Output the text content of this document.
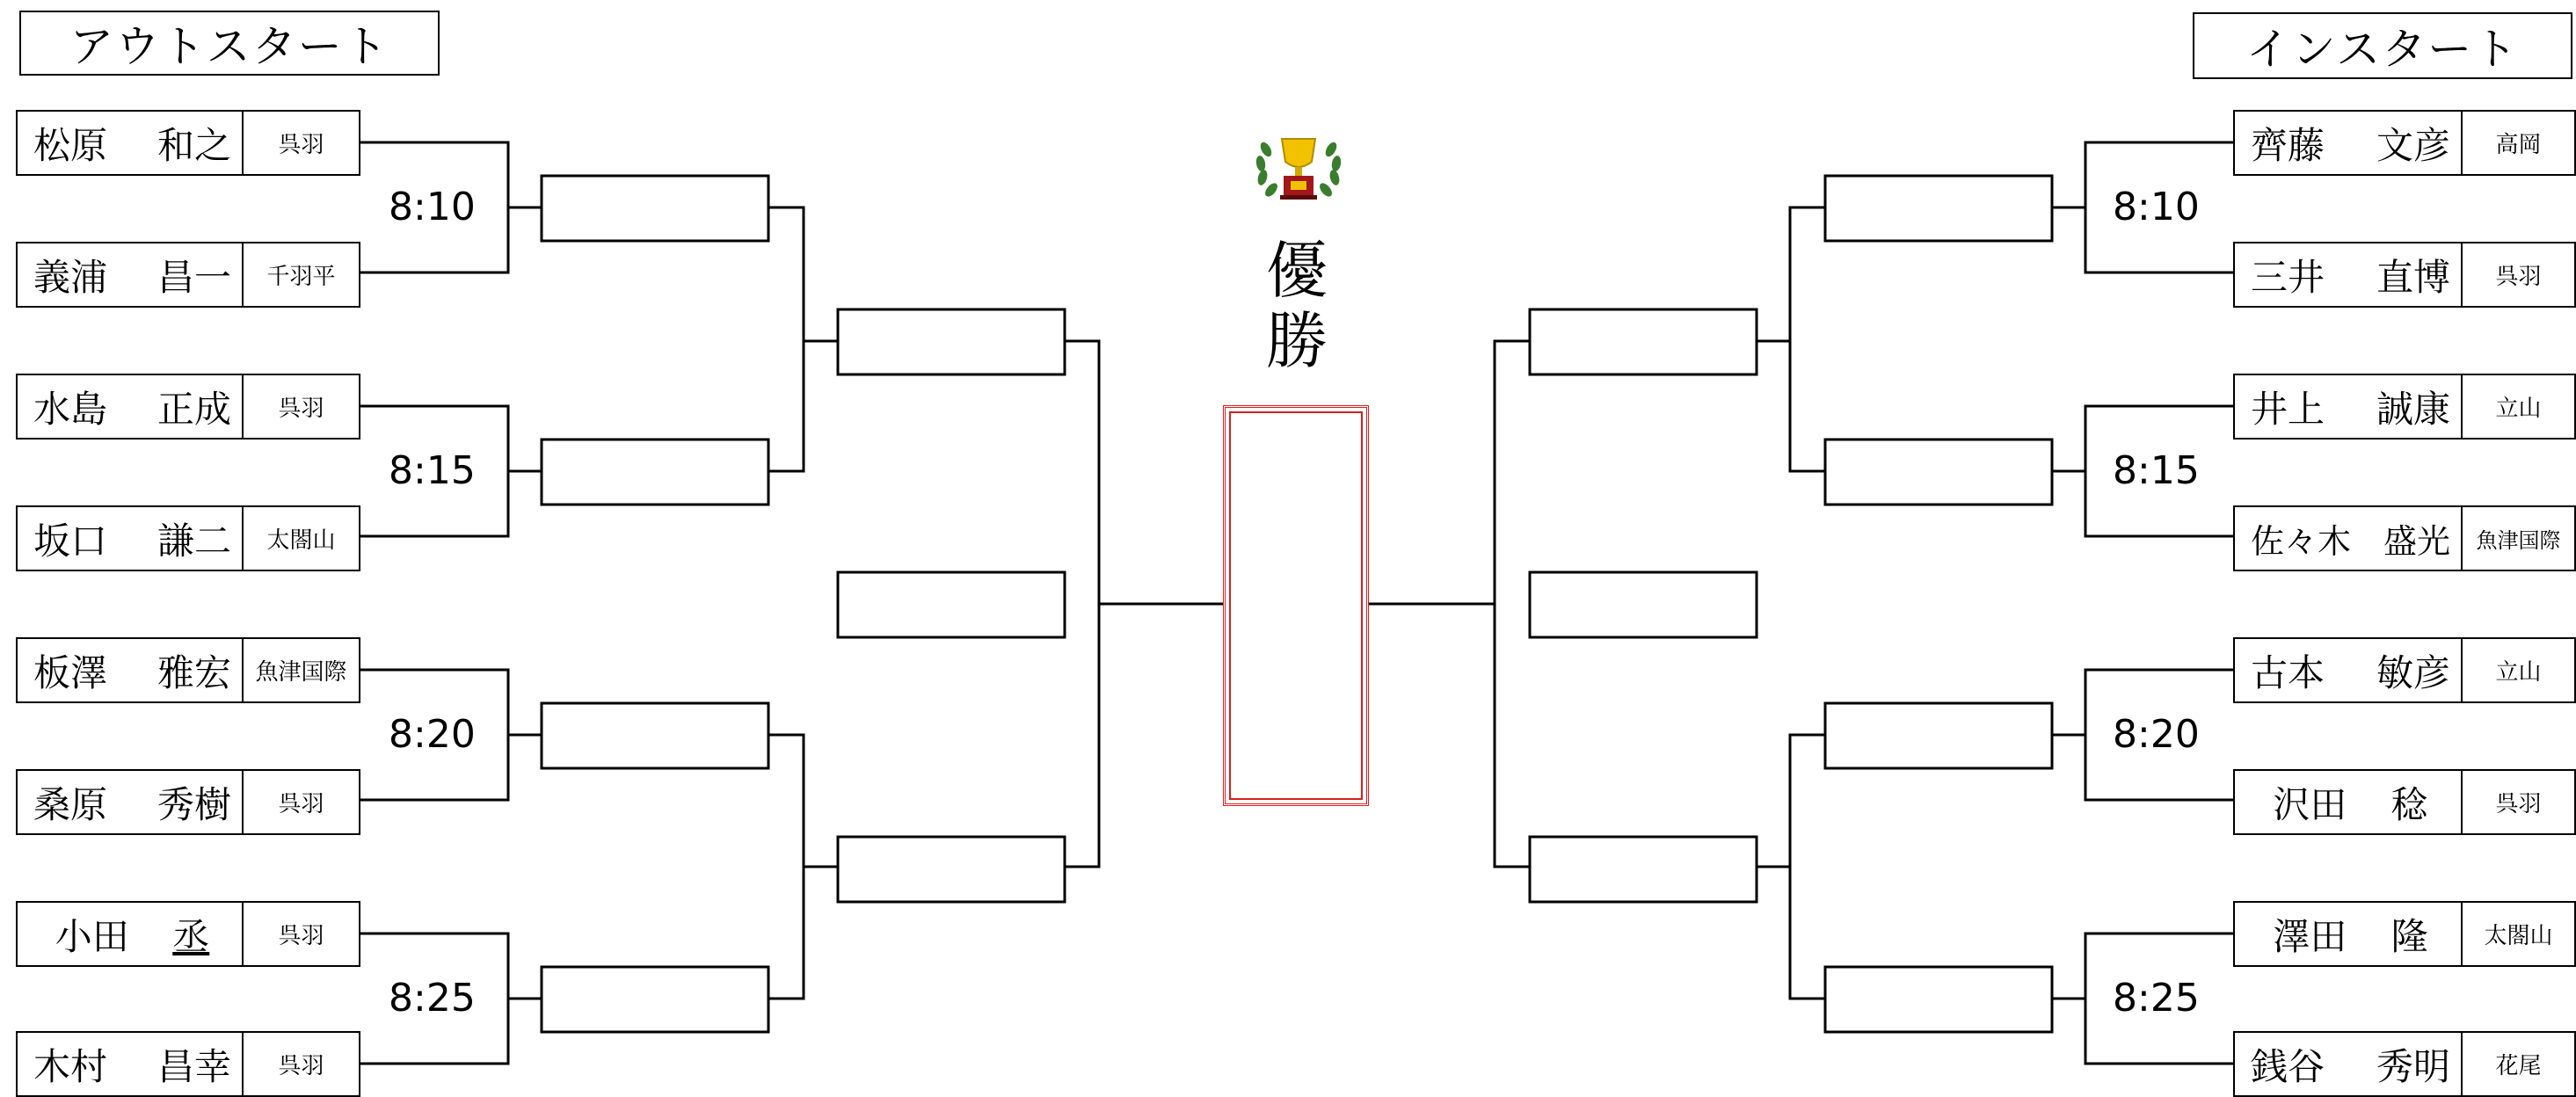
アウトスタート	インスタート
松原 和之	呉羽
義浦 昌一	千羽平
水島 正成	呉羽
坂口 謙二	太閤山
板澤 雅宏	魚津国際
桑原 秀樹	呉羽
小田 丞	呉羽
木村 昌幸	呉羽
8:10
8:15
8:20
8:25
齊藤 文彦	高岡
三井 直博	呉羽
井上 誠康	立山
佐々木 盛光	魚津国際
古本 敏彦	立山
沢田 稔	呉羽
澤田 隆	太閤山
銭谷 秀明	花尾
8:10
8:15
8:20
8:25
優
勝
